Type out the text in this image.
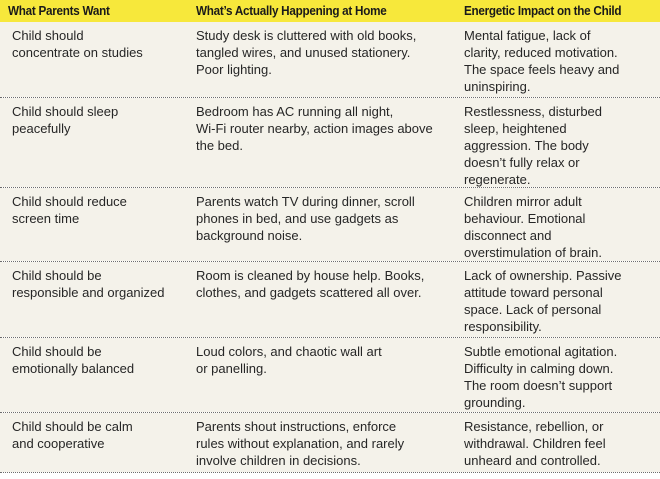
What Parents Want	What’s Actually Happening at Home	Energetic Impact on the Child
Child should
concentrate on studies
Study desk is cluttered with old books,
tangled wires, and unused stationery.
Poor lighting.
Mental fatigue, lack of
clarity, reduced motivation.
The space feels heavy and
uninspiring.
Child should sleep
peacefully
Bedroom has AC running all night,
Wi-Fi router nearby, action images above
the bed.
Restlessness, disturbed
sleep, heightened
aggression. The body
doesn’t fully relax or
regenerate.
Child should reduce
screen time
Parents watch TV during dinner, scroll
phones in bed, and use gadgets as
background noise.
Children mirror adult
behaviour. Emotional
disconnect and
overstimulation of brain.
Child should be
responsible and organized
Room is cleaned by house help. Books,
clothes, and gadgets scattered all over.
Lack of ownership. Passive
attitude toward personal
space. Lack of personal
responsibility.
Child should be
emotionally balanced
Loud colors, and chaotic wall art
or panelling.
Subtle emotional agitation.
Difficulty in calming down.
The room doesn’t support
grounding.
Child should be calm
and cooperative
Parents shout instructions, enforce
rules without explanation, and rarely
involve children in decisions.
Resistance, rebellion, or
withdrawal. Children feel
unheard and controlled.
